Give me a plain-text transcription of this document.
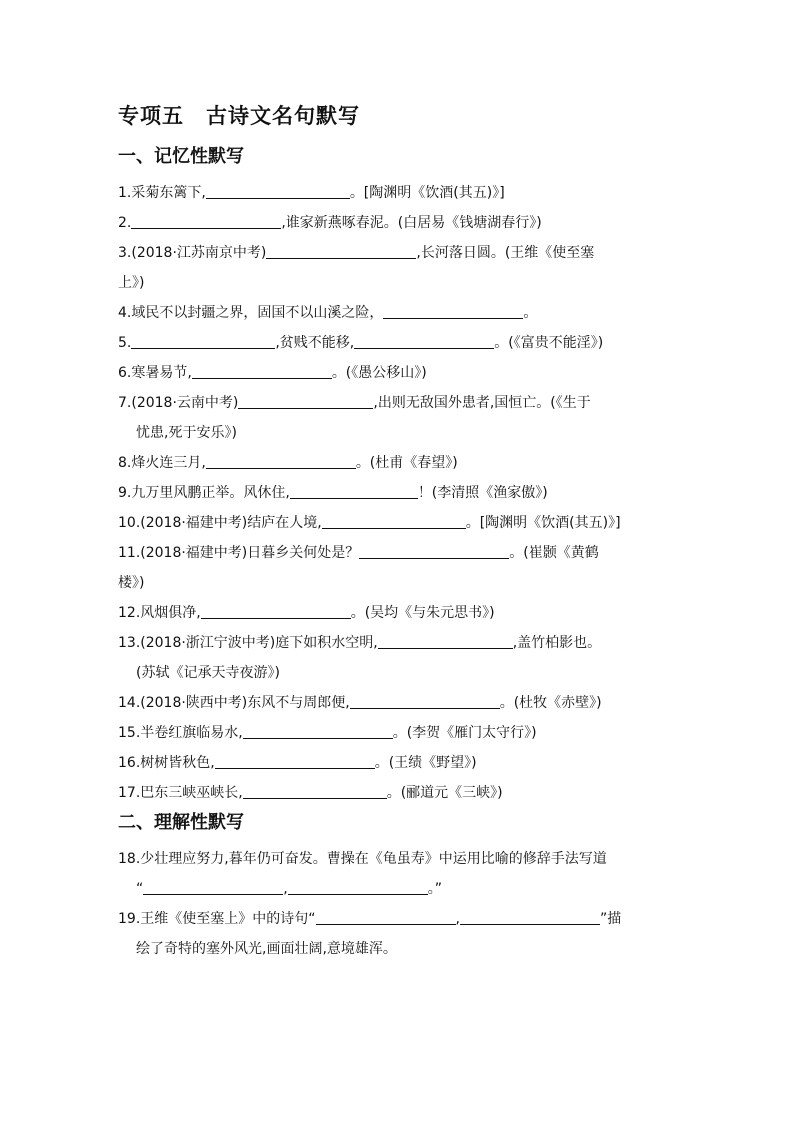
专项五 古诗文名句默写
一、记忆性默写
1.采菊东篱下,	。[陶渊明《饮酒(其五)》]
2.	,谁家新燕啄春泥。(白居易《钱塘湖春行》)
3.(2018·江苏南京中考)	,长河落日圆。(王维《使至塞
上》)
4.域民不以封疆之界，固国不以山溪之险，	。
5.	,贫贱不能移,	。(《富贵不能淫》)
6.寒暑易节,	。(《愚公移山》)
7.(2018·云南中考)	,出则无敌国外患者,国恒亡。(《生于
忧患,死于安乐》)
8.烽火连三月,	。(杜甫《春望》)
9.九万里风鹏正举。风休住,	！(李清照《渔家傲》)
10.(2018·福建中考)结庐在人境,	。[陶渊明《饮酒(其五)》]
11.(2018·福建中考)日暮乡关何处是？	。(崔颢《黄鹤
楼》)
12.风烟俱净,	。(吴均《与朱元思书》)
13.(2018·浙江宁波中考)庭下如积水空明,	,盖竹柏影也。
(苏轼《记承天寺夜游》)
14.(2018·陕西中考)东风不与周郎便,	。(杜牧《赤壁》)
15.半卷红旗临易水,	。(李贺《雁门太守行》)
16.树树皆秋色,	。(王绩《野望》)
17.巴东三峡巫峡长,	。(郦道元《三峡》)
二、理解性默写
18.少壮理应努力,暮年仍可奋发。曹操在《龟虽寿》中运用比喻的修辞手法写道
“	,	。”
19.王维《使至塞上》中的诗句“	,	”描
绘了奇特的塞外风光,画面壮阔,意境雄浑。
